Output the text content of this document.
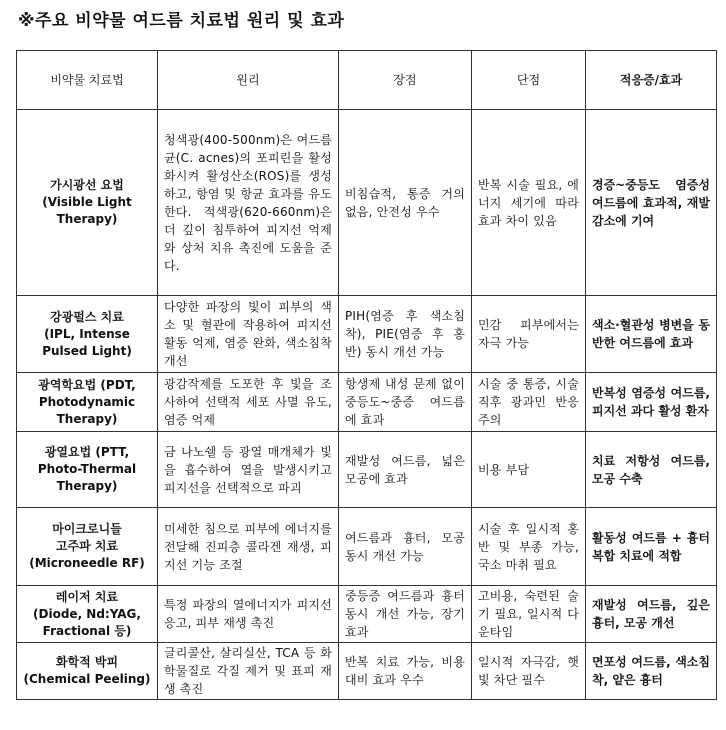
※주요 비약물 여드름 치료법 원리 및 효과
비약물 치료법	원리	장점	단점	적응증/효과

가시광선 요법
(Visible Light
Therapy)	청색광(400-500nm)은 여드름균(C. acnes)의 포피린을 활성화시켜 활성산소(ROS)를 생성하고, 항염 및 항균 효과를 유도한다. 적색광(620-660nm)은 더 깊이 침투하여 피지선 억제와 상처 치유 촉진에 도움을 준다.	비침습적, 통증 거의 없음, 안전성 우수	반복 시술 필요, 에너지 세기에 따라 효과 차이 있음	경증~중등도 염증성 여드름에 효과적, 재발 감소에 기여

강광펄스 치료
(IPL, Intense
Pulsed Light)	다양한 파장의 빛이 피부의 색소 및 혈관에 작용하여 피지선 활동 억제, 염증 완화, 색소침착 개선	PIH(염증 후 색소침착), PIE(염증 후 홍반) 동시 개선 가능	민감 피부에서는 자극 가능	색소·혈관성 병변을 동반한 여드름에 효과

광역학요법 (PDT,
Photodynamic
Therapy)	광감작제를 도포한 후 빛을 조사하여 선택적 세포 사멸 유도, 염증 억제	항생제 내성 문제 없이 중등도~중증 여드름에 효과	시술 중 통증, 시술 직후 광과민 반응 주의	반복성 염증성 여드름, 피지선 과다 활성 환자

광열요법 (PTT,
Photo-Thermal
Therapy)	금 나노쉘 등 광열 매개체가 빛을 흡수하여 열을 발생시키고 피지선을 선택적으로 파괴	재발성 여드름, 넓은 모공에 효과	비용 부담	치료 저항성 여드름, 모공 수축

마이크로니들
고주파 치료
(Microneedle RF)	미세한 침으로 피부에 에너지를 전달해 진피층 콜라겐 재생, 피지선 기능 조절	여드름과 흉터, 모공 동시 개선 가능	시술 후 일시적 홍반 및 부종 가능, 국소 마취 필요	활동성 여드름 + 흉터 복합 치료에 적합

레이저 치료
(Diode, Nd:YAG,
Fractional 등)	특정 파장의 열에너지가 피지선 응고, 피부 재생 촉진	중등증 여드름과 흉터 동시 개선 가능, 장기 효과	고비용, 숙련된 술기 필요, 일시적 다운타임	재발성 여드름, 깊은 흉터, 모공 개선

화학적 박피
(Chemical Peeling)	글리콜산, 살리실산, TCA 등 화학물질로 각질 제거 및 표피 재생 촉진	반복 치료 가능, 비용 대비 효과 우수	일시적 자극감, 햇빛 차단 필수	면포성 여드름, 색소침착, 얕은 흉터
